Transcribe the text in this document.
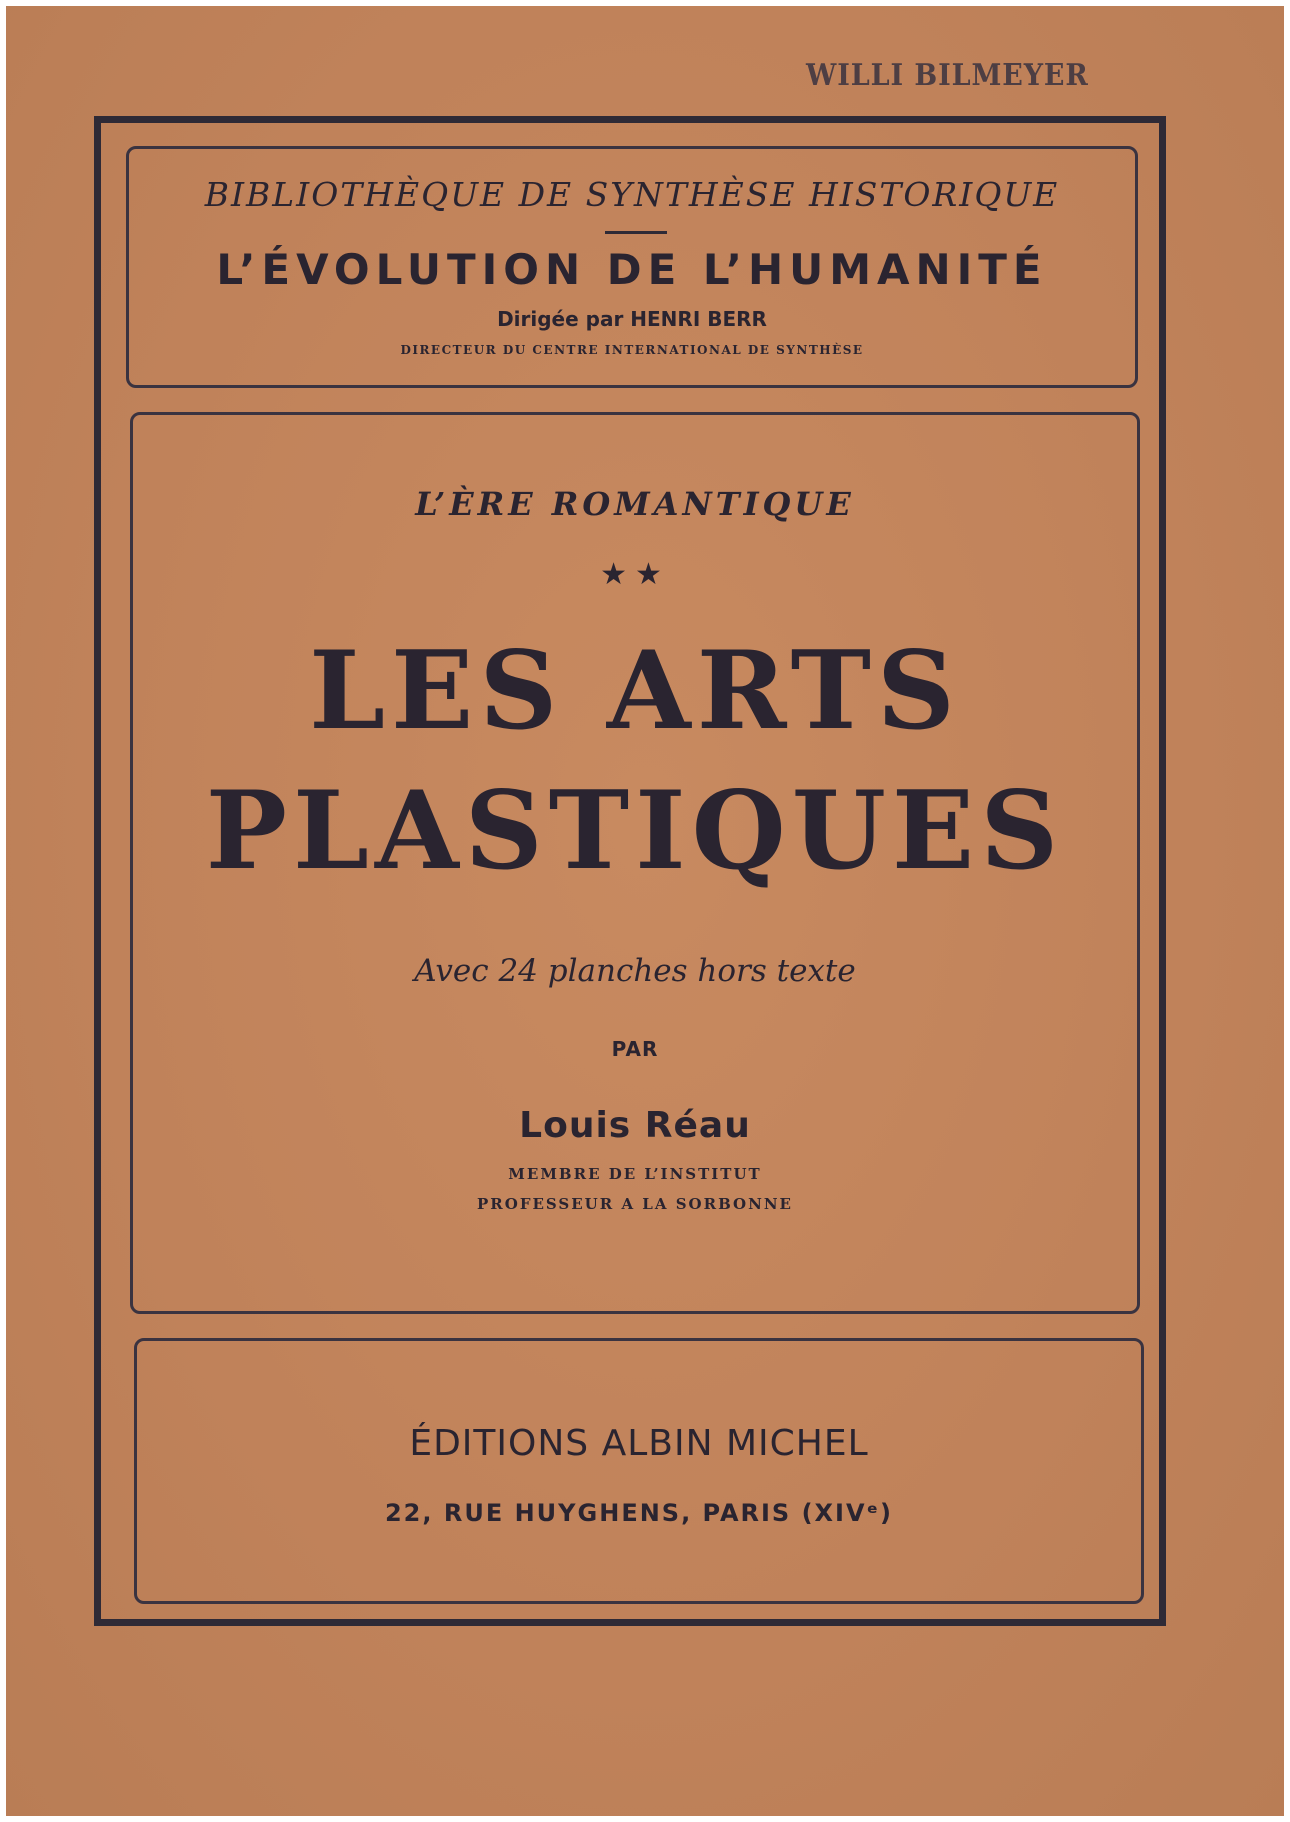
WILLI BILMEYER
BIBLIOTHÈQUE DE SYNTHÈSE HISTORIQUE
L’ÉVOLUTION DE L’HUMANITÉ
Dirigée par HENRI BERR
DIRECTEUR DU CENTRE INTERNATIONAL DE SYNTHÈSE
L’ÈRE ROMANTIQUE
★★
LES ARTS
PLASTIQUES
Avec 24 planches hors texte
PAR
Louis Réau
MEMBRE DE L’INSTITUT
PROFESSEUR A LA SORBONNE
ÉDITIONS ALBIN MICHEL
22, RUE HUYGHENS, PARIS (XIVᵉ)
